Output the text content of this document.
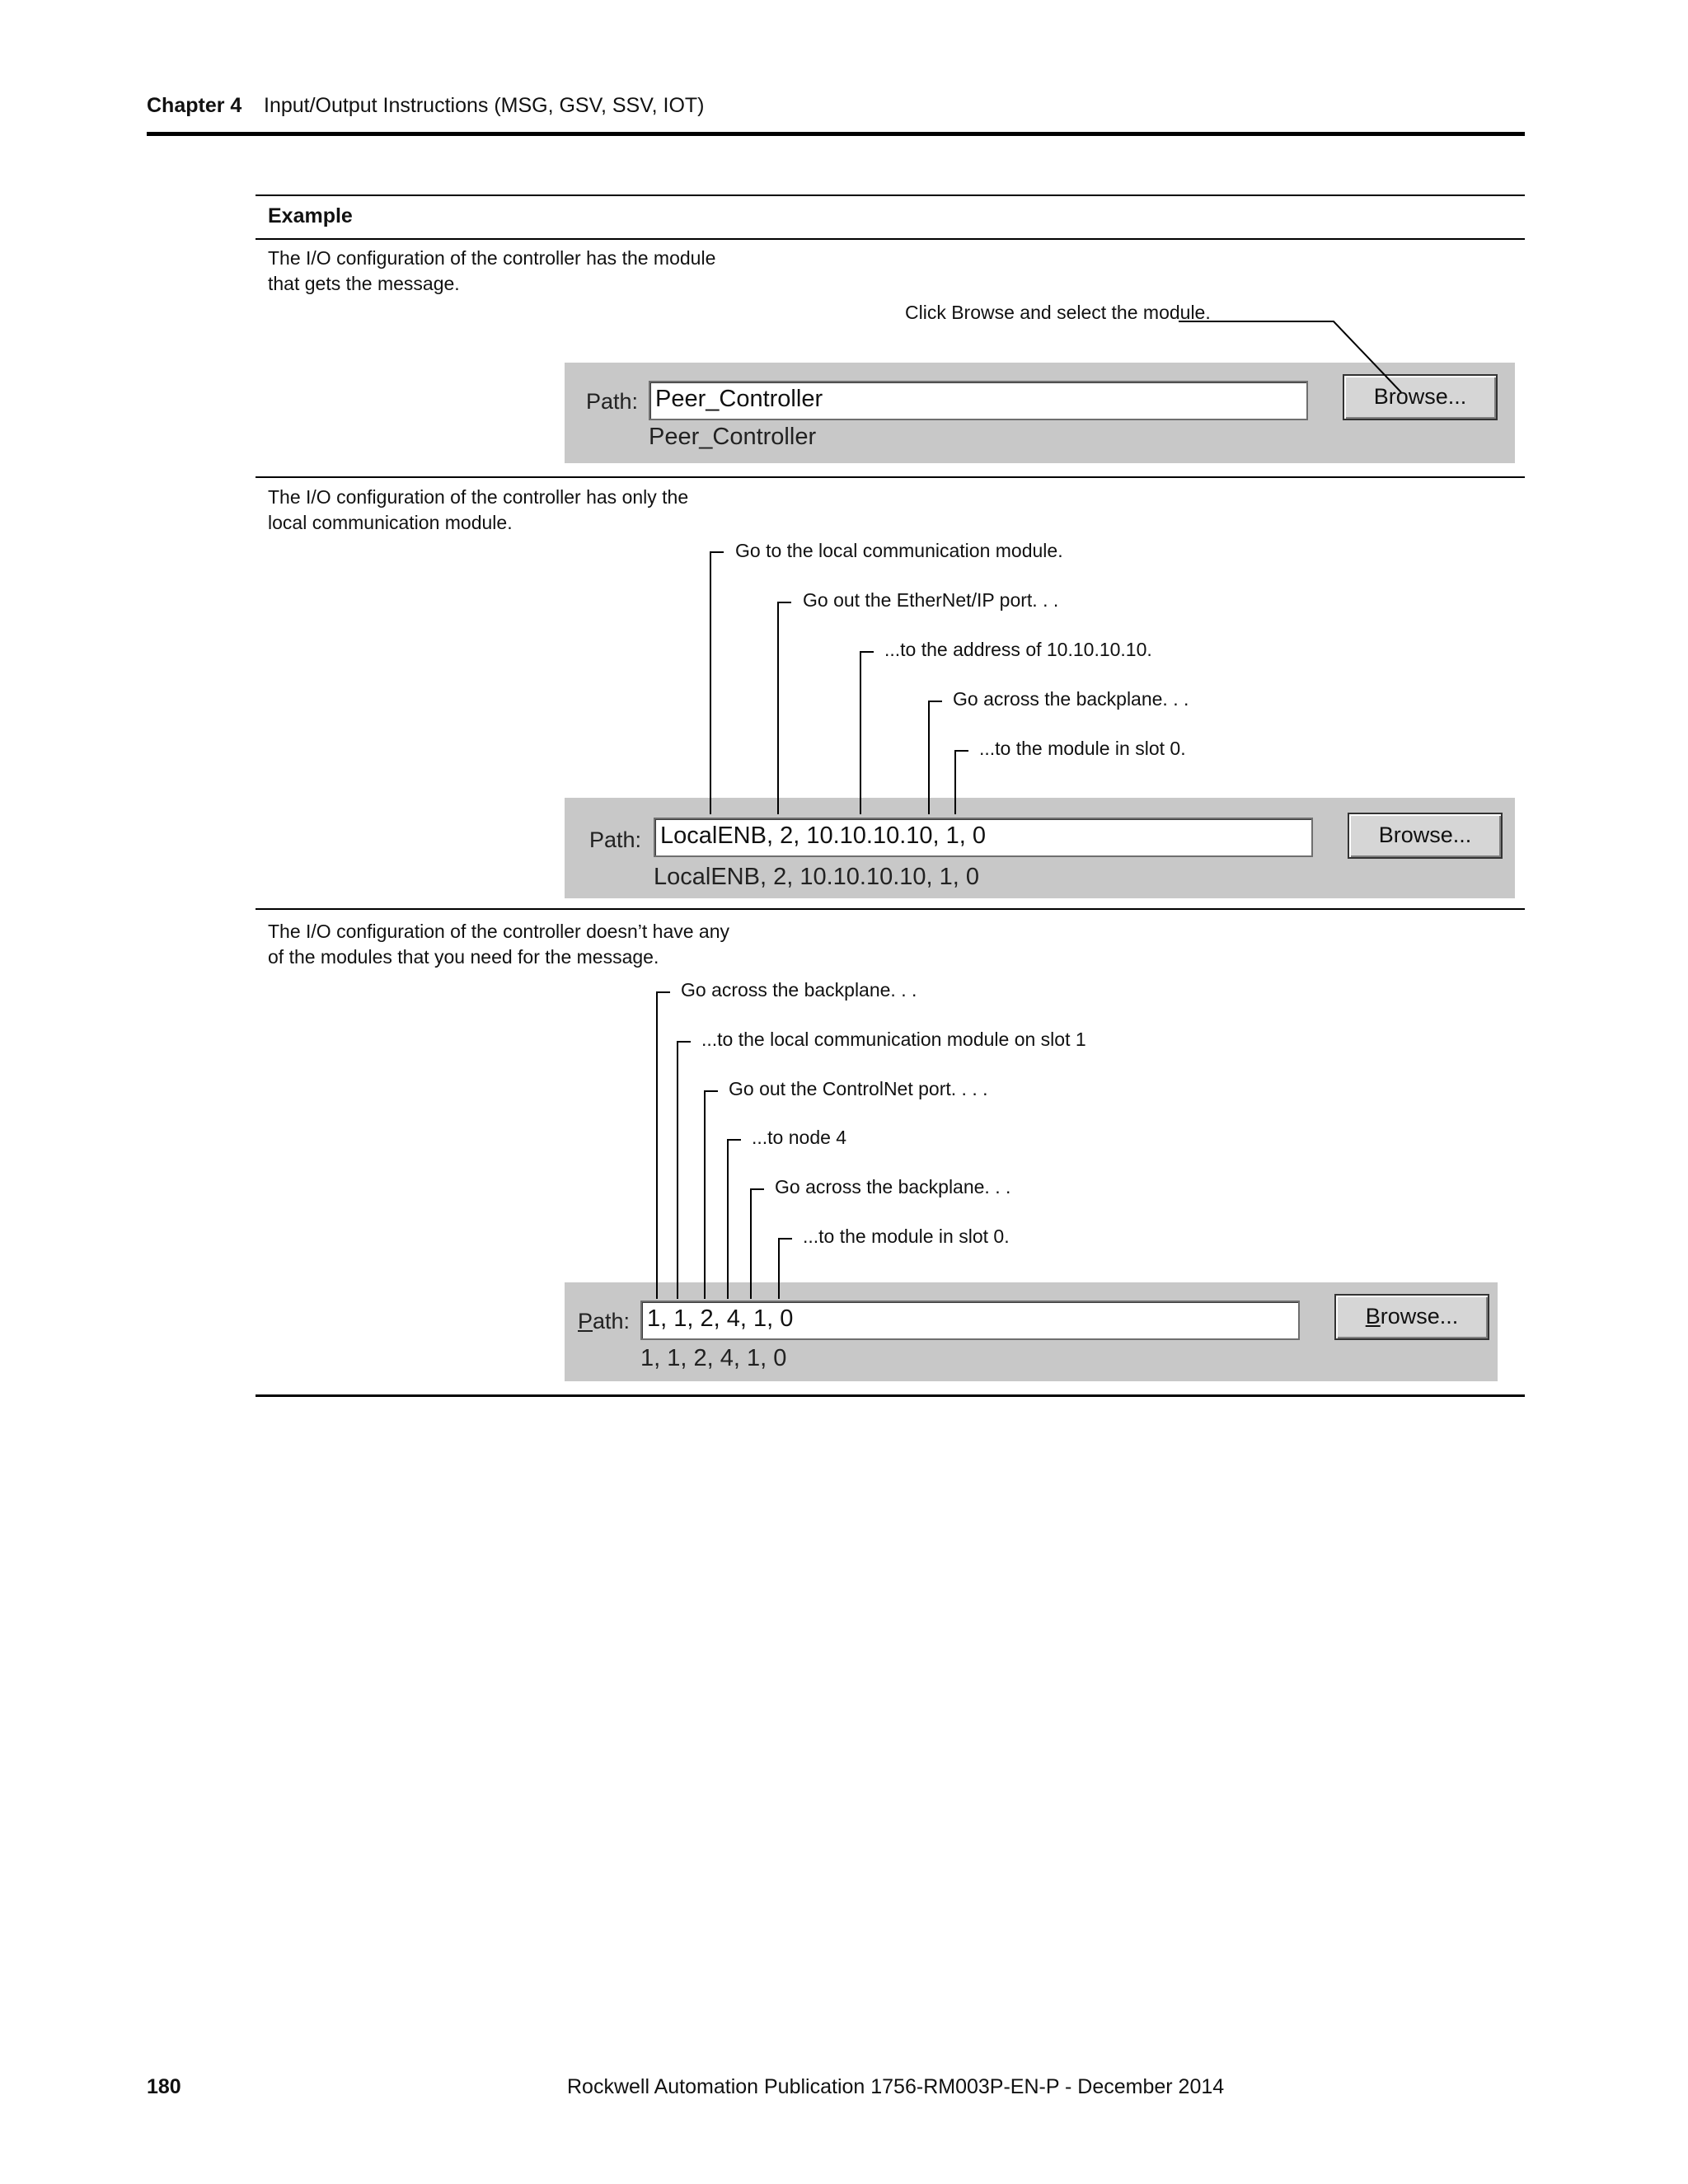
Chapter 4 Input/Output Instructions (MSG, GSV, SSV, IOT)
Example
The I/O configuration of the controller has the module that gets the message.
Click Browse and select the module.
Path: Peer_Controller
Peer_Controller
Browse...
The I/O configuration of the controller has only the local communication module.
Go to the local communication module.
Go out the EtherNet/IP port. . .
...to the address of 10.10.10.10.
Go across the backplane. . .
...to the module in slot 0.
Path: LocalENB, 2, 10.10.10.10, 1, 0
LocalENB, 2, 10.10.10.10, 1, 0
Browse...
The I/O configuration of the controller doesn’t have any of the modules that you need for the message.
Go across the backplane. . .
...to the local communication module on slot 1
Go out the ControlNet port. . . .
...to node 4
Go across the backplane. . .
...to the module in slot 0.
Path: 1, 1, 2, 4, 1, 0
1, 1, 2, 4, 1, 0
Browse...
180	Rockwell Automation Publication 1756-RM003P-EN-P - December 2014
